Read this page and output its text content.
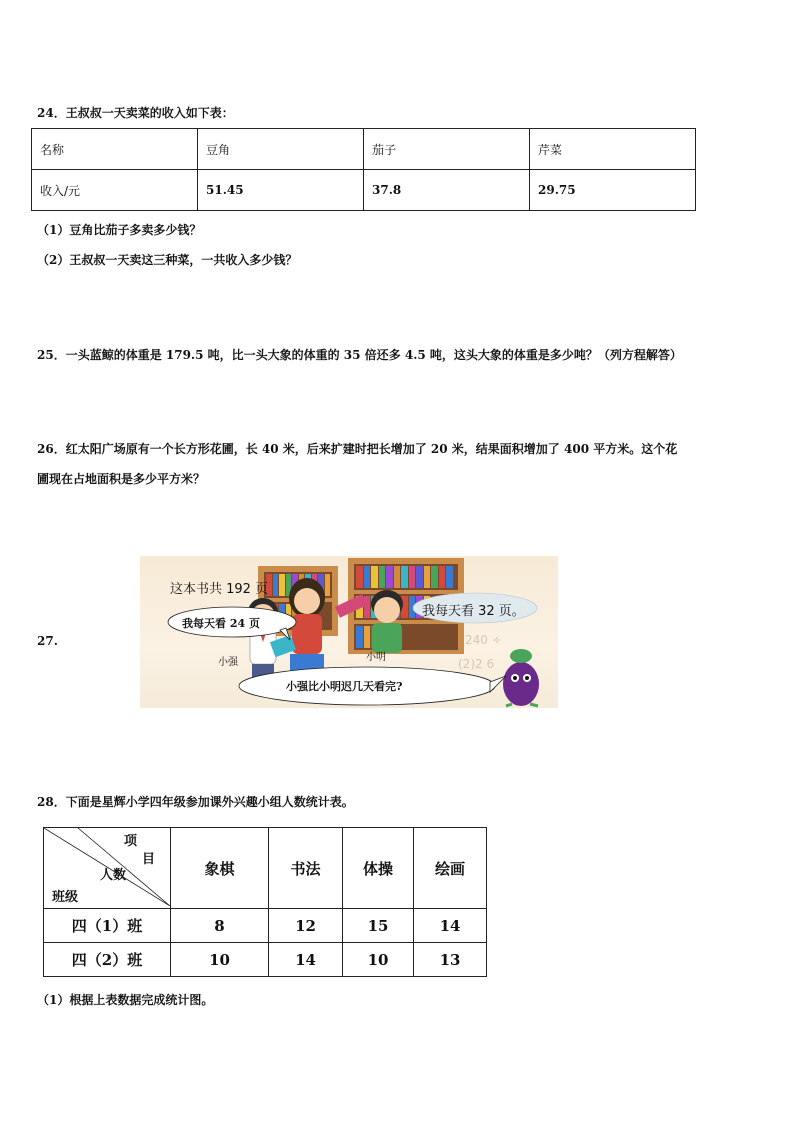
24．王叔叔一天卖菜的收入如下表：
名称	豆角	茄子	芹菜
收入/元	51.45	37.8	29.75
（1）豆角比茄子多卖多少钱？
（2）王叔叔一天卖这三种菜，一共收入多少钱？
25．一头蓝鲸的体重是 179.5 吨，比一头大象的体重的 35 倍还多 4.5 吨，这头大象的体重是多少吨？（列方程解答）
26．红太阳广场原有一个长方形花圃，长 40 米，后来扩建时把长增加了 20 米，结果面积增加了 400 平方米。这个花
圃现在占地面积是多少平方米？
27.	240 ÷
(2)2 6
这本书共 192 页
我每天看 24 页
我每天看 32 页。
小强	小明
小强比小明迟几天看完?
28．下面是星辉小学四年级参加课外兴趣小组人数统计表。
项
目
人数
班级	象棋	书法	体操	绘画
四（1）班	8	12	15	14
四（2）班	10	14	10	13
（1）根据上表数据完成统计图。
